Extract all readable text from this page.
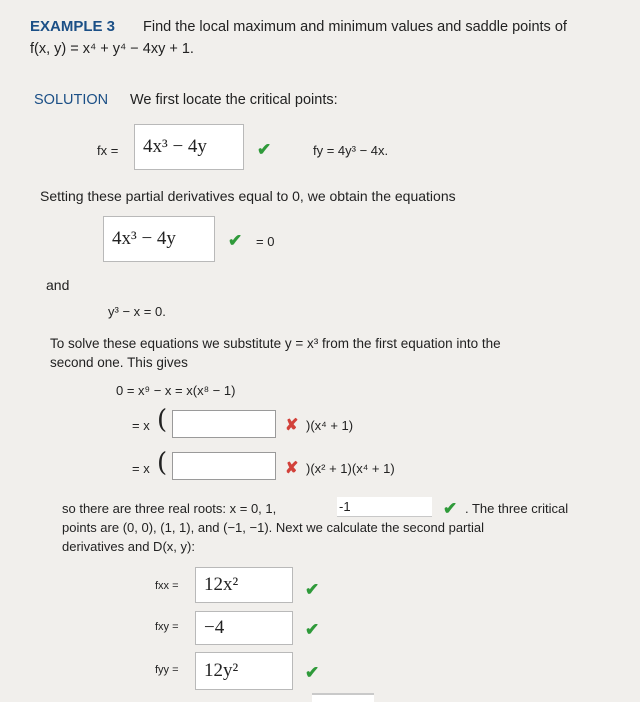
EXAMPLE 3 Find the local maximum and minimum values and saddle points of
f(x, y) = x⁴ + y⁴ − 4xy + 1.
SOLUTION We first locate the critical points:
fx =	4x³ − 4y	✔	fy = 4y³ − 4x.
Setting these partial derivatives equal to 0, we obtain the equations
4x³ − 4y	✔ = 0
and
y³ − x = 0.
To solve these equations we substitute y = x³ from the first equation into the
second one. This gives
0 = x⁹ − x = x(x⁸ − 1)
= x (	✘ )(x⁴ + 1)
= x (	✘ )(x² + 1)(x⁴ + 1)
so there are three real roots: x = 0, 1,	-1	✔ . The three critical
points are (0, 0), (1, 1), and (−1, −1). Next we calculate the second partial
derivatives and D(x, y):
fxx =	12x²	✔
fxy =	−4	✔
fyy =	12y²	✔
